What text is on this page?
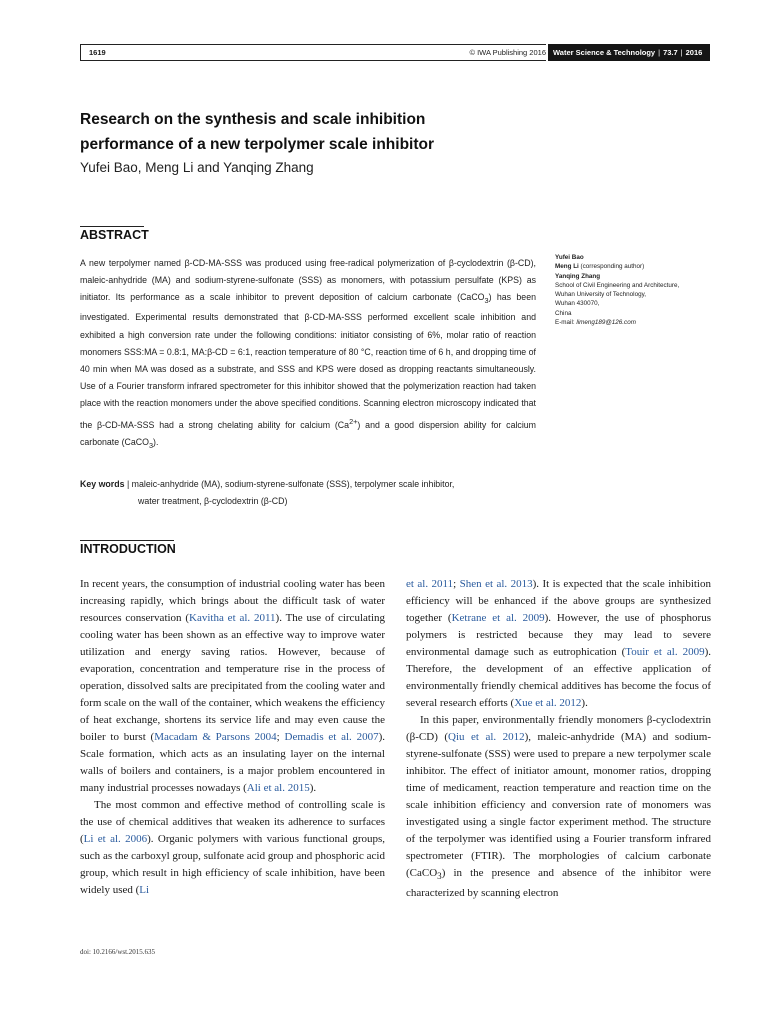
1619	© IWA Publishing 2016 Water Science & Technology | 73.7 | 2016
Research on the synthesis and scale inhibition
performance of a new terpolymer scale inhibitor
Yufei Bao, Meng Li and Yanqing Zhang
ABSTRACT
A new terpolymer named β-CD-MA-SSS was produced using free-radical polymerization of β-cyclodextrin (β-CD), maleic-anhydride (MA) and sodium-styrene-sulfonate (SSS) as monomers, with potassium persulfate (KPS) as initiator. Its performance as a scale inhibitor to prevent deposition of calcium carbonate (CaCO$_3$) has been investigated. Experimental results demonstrated that β-CD-MA-SSS performed excellent scale inhibition and exhibited a high conversion rate under the following conditions: initiator consisting of 6%, molar ratio of reaction monomers SSS:MA = 0.8:1, MA:β-CD = 6:1, reaction temperature of 80 °C, reaction time of 6 h, and dropping time of 40 min when MA was dosed as a substrate, and SSS and KPS were dosed as dropping reactants simultaneously. Use of a Fourier transform infrared spectrometer for this inhibitor showed that the polymerization reaction had taken place with the reaction monomers under the above specified conditions. Scanning electron microscopy indicated that the β-CD-MA-SSS had a strong chelating ability for calcium $(Ca^{2+})$ and a good dispersion ability for calcium carbonate (CaCO$_3$).
Key words | maleic-anhydride (MA), sodium-styrene-sulfonate (SSS), terpolymer scale inhibitor,
water treatment, β-cyclodextrin (β-CD)
Yufei Bao
Meng Li (corresponding author)
Yanqing Zhang
School of Civil Engineering and Architecture,
Wuhan University of Technology,
Wuhan 430070,
China
E-mail: limeng189@126.com
INTRODUCTION

In recent years, the consumption of industrial cooling water has been increasing rapidly, which brings about the difficult task of water resources conservation (Kavitha et al. 2011). The use of circulating cooling water has been shown as an effective way to improve water utilization and energy saving ratios. However, because of evaporation, concentration and temperature rise in the process of operation, dissolved salts are precipitated from the cooling water and form scale on the wall of the container, which weakens the efficiency of heat exchange, shortens its service life and may even cause the boiler to burst (Macadam & Parsons 2004; Demadis et al. 2007). Scale formation, which acts as an insulating layer on the internal walls of boilers and containers, is a major problem encountered in many industrial processes nowadays (Ali et al. 2015).

The most common and effective method of controlling scale is the use of chemical additives that weaken its adherence to surfaces (Li et al. 2006). Organic polymers with various functional groups, such as the carboxyl group, sulfonate acid group and phosphoric acid group, which result in high efficiency of scale inhibition, have been widely used (Li

et al. 2011; Shen et al. 2013). It is expected that the scale inhibition efficiency will be enhanced if the above groups are synthesized together (Ketrane et al. 2009). However, the use of phosphorus polymers is restricted because they may lead to severe environmental damage such as eutrophication (Touir et al. 2009). Therefore, the development of an effective application of environmentally friendly chemical additives has become the focus of several research efforts (Xue et al. 2012).

In this paper, environmentally friendly monomers β-cyclodextrin (β-CD) (Qiu et al. 2012), maleic-anhydride (MA) and sodium-styrene-sulfonate (SSS) were used to prepare a new terpolymer scale inhibitor. The effect of initiator amount, monomer ratios, dropping time of medicament, reaction temperature and reaction time on the scale inhibition efficiency and conversion rate of monomers was investigated using a single factor experiment method. The structure of the terpolymer was identified using a Fourier transform infrared spectrometer (FTIR). The morphologies of calcium carbonate (CaCO$_3$) in the presence and absence of the inhibitor were characterized by scanning electron

doi: 10.2166/wst.2015.635
